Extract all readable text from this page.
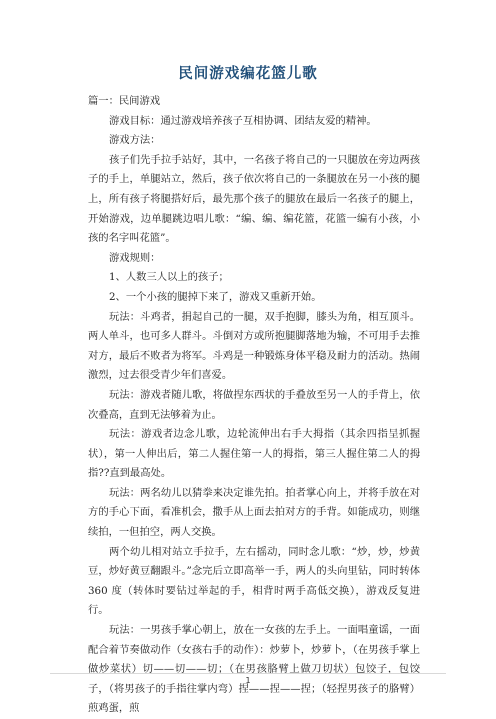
民间游戏编花篮儿歌

篇一：民间游戏

游戏目标：通过游戏培养孩子互相协调、团结友爱的精神。

游戏方法：

孩子们先手拉手站好，其中，一名孩子将自己的一只腿放在旁边两孩子的手上，单腿站立，然后，孩子依次将自己的一条腿放在另一小孩的腿上，所有孩子将腿搭好后，最先那个孩子的腿放在最后一名孩子的腿上，开始游戏，边单腿跳边唱儿歌：“编、编、编花篮，花篮一编有小孩，小孩的名字叫花篮”。

游戏规则：

1、人数三人以上的孩子；

2、一个小孩的腿掉下来了，游戏又重新开始。

玩法：斗鸡者，捐起自己的一腿，双手抱脚，膝头为角，相互顶斗。两人单斗，也可多人群斗。斗倒对方或所抱腿脚落地为输，不可用手去推对方，最后不败者为将军。斗鸡是一种锻炼身体平稳及耐力的活动。热闹激烈，过去很受青少年们喜爱。

玩法：游戏者随儿歌，将做捏东西状的手叠放至另一人的手背上，依次叠高，直到无法够着为止。

玩法：游戏者边念儿歌，边轮流伸出右手大拇指（其余四指呈抓握状），第一人伸出后，第二人握住第一人的拇指，第三人握住第二人的拇指??直到最高处。

玩法：两名幼儿以猜拳来决定谁先拍。拍者掌心向上，并将手放在对方的手心下面，看准机会，撒手从上面去拍对方的手背。如能成功，则继续拍，一但拍空，两人交换。

两个幼儿相对站立手拉手，左右摇动，同时念儿歌：“炒，炒，炒黄豆，炒好黄豆翻跟斗。”念完后立即高举一手，两人的头向里钻，同时转体 360 度（转体时要钻过举起的手，相背时两手高低交换），游戏反复进行。

玩法：一男孩手掌心朝上，放在一女孩的左手上。一面唱童谣，一面配合着节奏做动作（女孩右手的动作）：炒萝卜，炒萝卜，（在男孩手掌上做炒菜状）切——切——切；（在男孩胳臂上做刀切状）包饺子，包饺子，（将男孩子的手指往掌内弯）捏——捏——捏；（轻捏男孩子的胳臂）煎鸡蛋，煎

1
